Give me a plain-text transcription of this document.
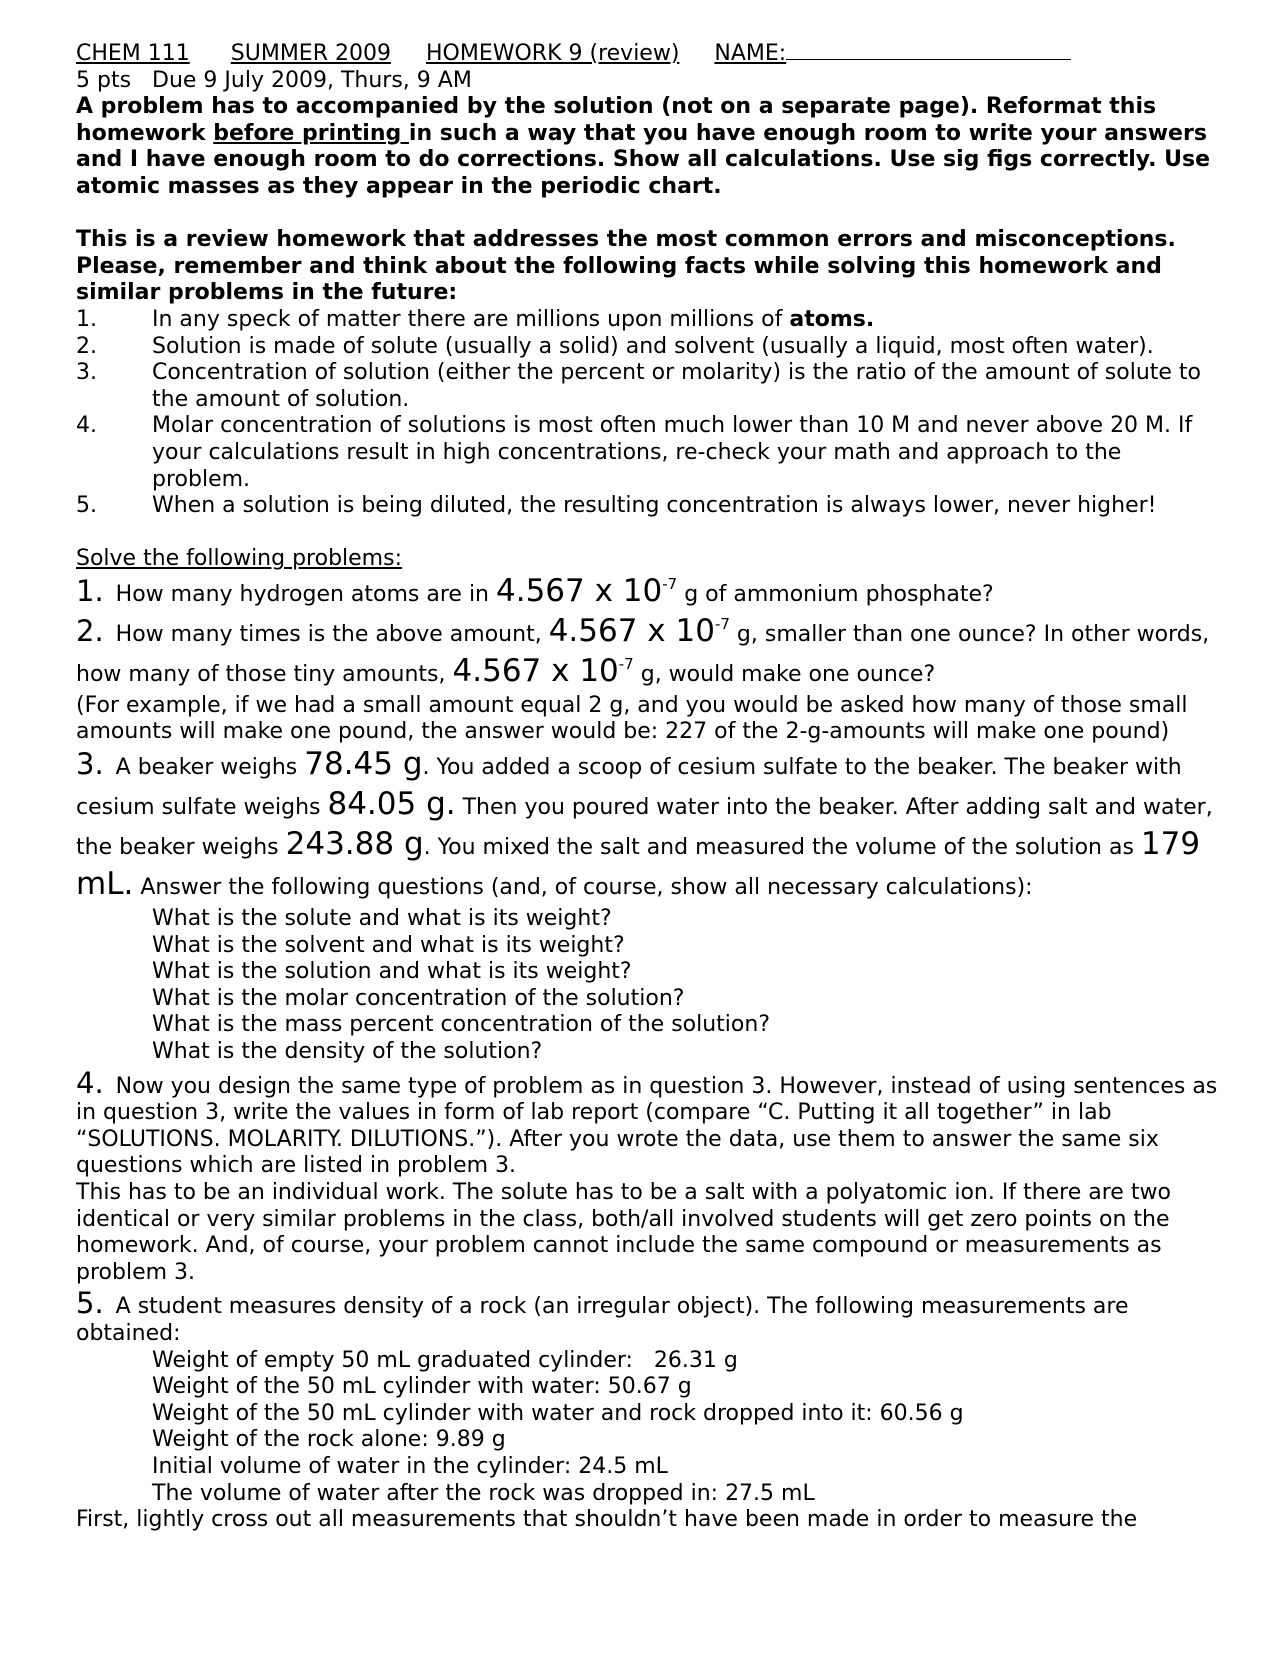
CHEM 111 SUMMER 2009 HOMEWORK 9 (review) NAME:

5 pts   Due 9 July 2009, Thurs, 9 AM

A problem has to accompanied by the solution (not on a separate page). Reformat this homework before printing in such a way that you have enough room to write your answers and I have enough room to do corrections. Show all calculations. Use sig figs correctly. Use atomic masses as they appear in the periodic chart.

This is a review homework that addresses the most common errors and misconceptions. Please, remember and think about the following facts while solving this homework and similar problems in the future:

1.	In any speck of matter there are millions upon millions of atoms.
2.	Solution is made of solute (usually a solid) and solvent (usually a liquid, most often water).
3.	Concentration of solution (either the percent or molarity) is the ratio of the amount of solute to the amount of solution.
4.	Molar concentration of solutions is most often much lower than 10 M and never above 20 M. If your calculations result in high concentrations, re-check your math and approach to the problem.
5.	When a solution is being diluted, the resulting concentration is always lower, never higher!

Solve the following problems:

1. How many hydrogen atoms are in 4.567 x $10^{-7}$ g of ammonium phosphate?

2. How many times is the above amount, 4.567 x $10^{-7}$ g, smaller than one ounce? In other words, how many of those tiny amounts, 4.567 x $10^{-7}$ g, would make one ounce?

(For example, if we had a small amount equal 2 g, and you would be asked how many of those small amounts will make one pound, the answer would be: 227 of the 2-g-amounts will make one pound)

3. A beaker weighs 78.45 g. You added a scoop of cesium sulfate to the beaker. The beaker with cesium sulfate weighs 84.05 g. Then you poured water into the beaker. After adding salt and water, the beaker weighs 243.88 g. You mixed the salt and measured the volume of the solution as 179 mL. Answer the following questions (and, of course, show all necessary calculations):

What is the solute and what is its weight?

What is the solvent and what is its weight?

What is the solution and what is its weight?

What is the molar concentration of the solution?

What is the mass percent concentration of the solution?

What is the density of the solution?

4. Now you design the same type of problem as in question 3. However, instead of using sentences as in question 3, write the values in form of lab report (compare “C. Putting it all together” in lab “SOLUTIONS. MOLARITY. DILUTIONS.”). After you wrote the data, use them to answer the same six questions which are listed in problem 3.

This has to be an individual work. The solute has to be a salt with a polyatomic ion. If there are two identical or very similar problems in the class, both/all involved students will get zero points on the homework. And, of course, your problem cannot include the same compound or measurements as problem 3.

5. A student measures density of a rock (an irregular object). The following measurements are obtained:

Weight of empty 50 mL graduated cylinder:   26.31 g

Weight of the 50 mL cylinder with water: 50.67 g

Weight of the 50 mL cylinder with water and rock dropped into it: 60.56 g

Weight of the rock alone: 9.89 g

Initial volume of water in the cylinder: 24.5 mL

The volume of water after the rock was dropped in: 27.5 mL

First, lightly cross out all measurements that shouldn’t have been made in order to measure the
